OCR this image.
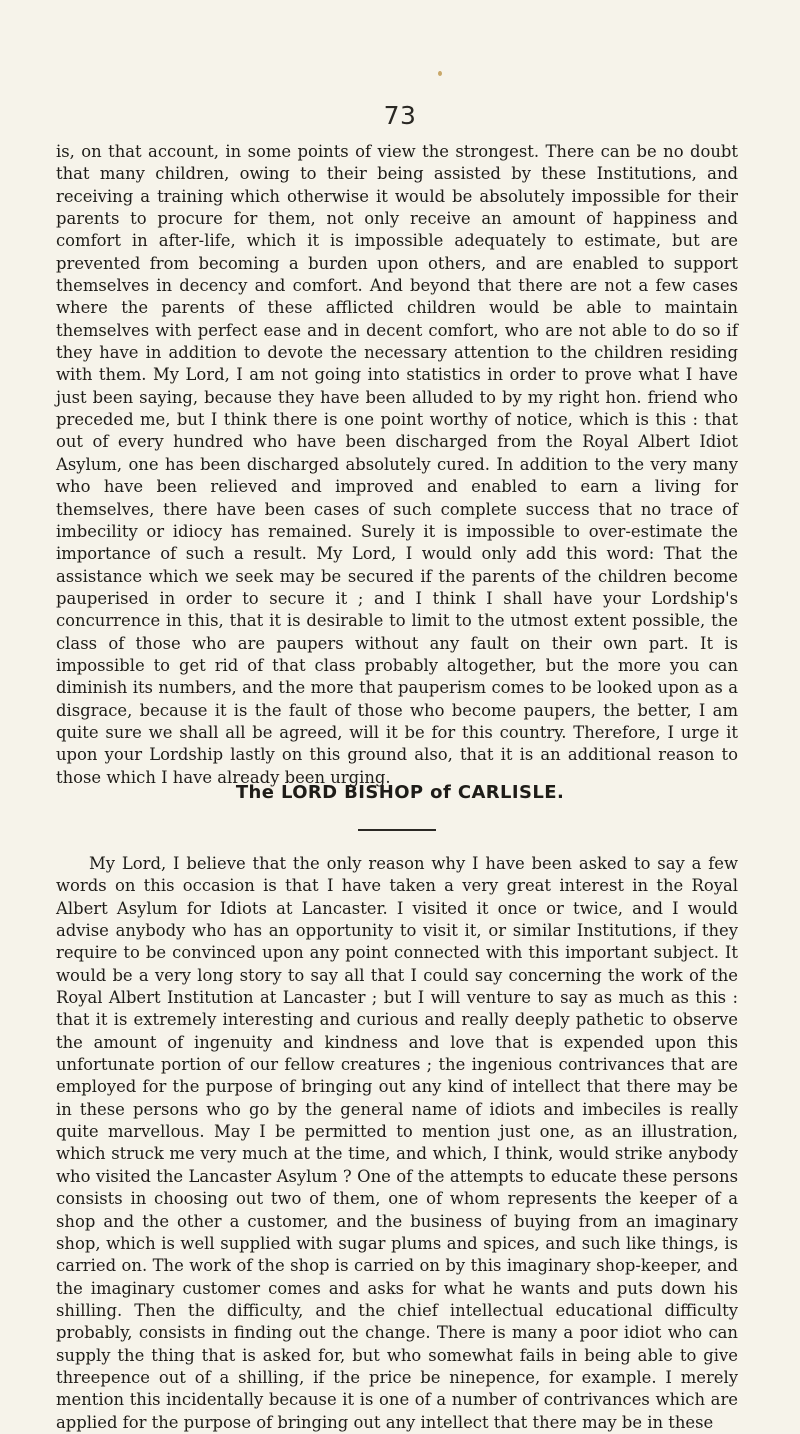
73

is, on that account, in some points of view the strongest. There can be no doubt that many children, owing to their being assisted by these Institutions, and receiving a training which otherwise it would be absolutely impossible for their parents to procure for them, not only receive an amount of happiness and comfort in after-life, which it is impossible adequately to estimate, but are prevented from becoming a burden upon others, and are enabled to support themselves in decency and comfort. And beyond that there are not a few cases where the parents of these afflicted children would be able to maintain themselves with perfect ease and in decent comfort, who are not able to do so if they have in addition to devote the necessary attention to the children residing with them. My Lord, I am not going into statistics in order to prove what I have just been saying, because they have been alluded to by my right hon. friend who preceded me, but I think there is one point worthy of notice, which is this : that out of every hundred who have been discharged from the Royal Albert Idiot Asylum, one has been discharged absolutely cured. In addition to the very many who have been relieved and improved and enabled to earn a living for themselves, there have been cases of such complete success that no trace of imbecility or idiocy has remained. Surely it is impossible to over-estimate the importance of such a result. My Lord, I would only add this word: That the assistance which we seek may be secured if the parents of the children become pauperised in order to secure it ; and I think I shall have your Lordship's concurrence in this, that it is desirable to limit to the utmost extent possible, the class of those who are paupers without any fault on their own part. It is impossible to get rid of that class probably altogether, but the more you can diminish its numbers, and the more that pauperism comes to be looked upon as a disgrace, because it is the fault of those who become paupers, the better, I am quite sure we shall all be agreed, will it be for this country. Therefore, I urge it upon your Lordship lastly on this ground also, that it is an additional reason to those which I have already been urging.

The LORD BISHOP of CARLISLE.

My Lord, I believe that the only reason why I have been asked to say a few words on this occasion is that I have taken a very great interest in the Royal Albert Asylum for Idiots at Lancaster. I visited it once or twice, and I would advise anybody who has an opportunity to visit it, or similar Institutions, if they require to be convinced upon any point connected with this important subject. It would be a very long story to say all that I could say concerning the work of the Royal Albert Institution at Lancaster ; but I will venture to say as much as this : that it is extremely interesting and curious and really deeply pathetic to observe the amount of ingenuity and kindness and love that is expended upon this unfortunate portion of our fellow creatures ; the ingenious contrivances that are employed for the purpose of bringing out any kind of intellect that there may be in these persons who go by the general name of idiots and imbeciles is really quite marvellous. May I be permitted to mention just one, as an illustration, which struck me very much at the time, and which, I think, would strike anybody who visited the Lancaster Asylum ? One of the attempts to educate these persons consists in choosing out two of them, one of whom represents the keeper of a shop and the other a customer, and the business of buying from an imaginary shop, which is well supplied with sugar plums and spices, and such like things, is carried on. The work of the shop is carried on by this imaginary shop-keeper, and the imaginary customer comes and asks for what he wants and puts down his shilling. Then the difficulty, and the chief intellectual educational difficulty probably, consists in finding out the change. There is many a poor idiot who can supply the thing that is asked for, but who somewhat fails in being able to give threepence out of a shilling, if the price be ninepence, for example. I merely mention this incidentally because it is one of a number of contrivances which are applied for the purpose of bringing out any intellect that there may be in these
